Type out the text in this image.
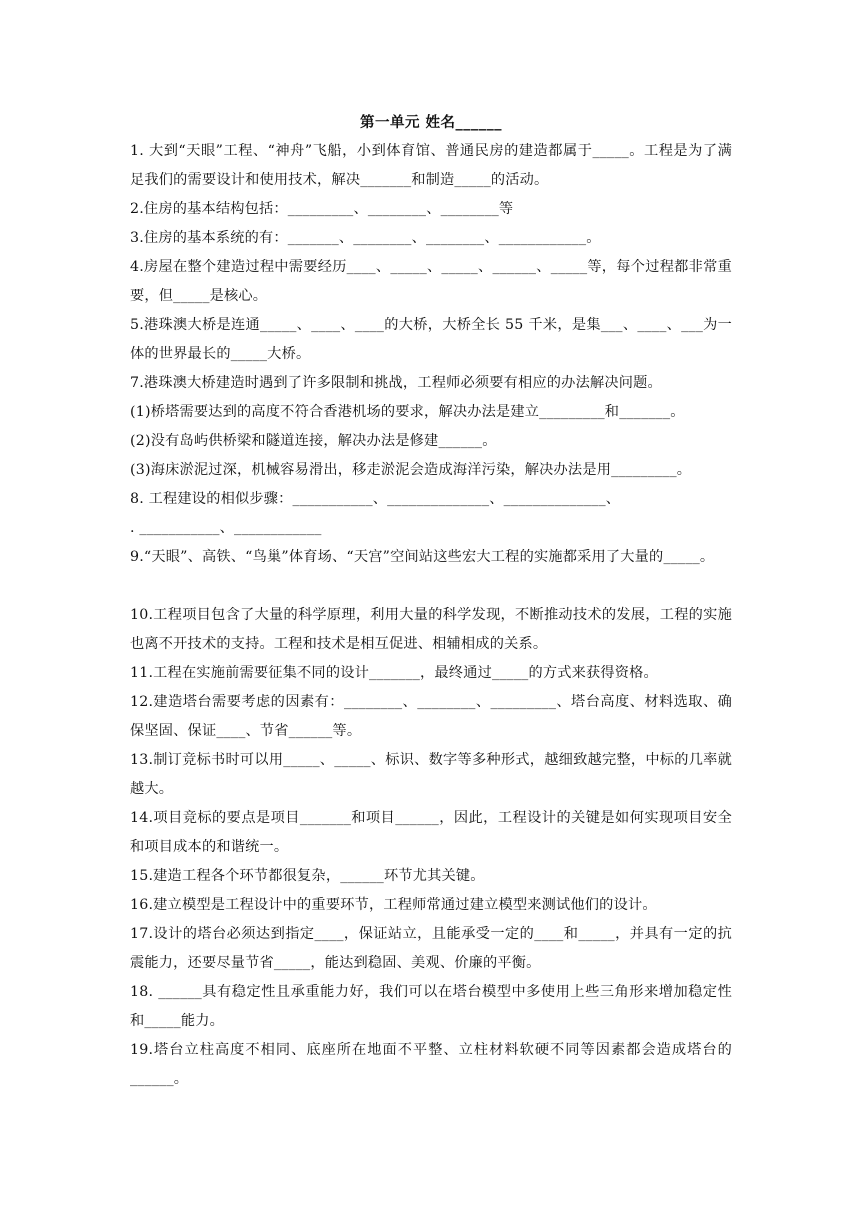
第一单元 姓名______

1. 大到“天眼”工程、“神舟”飞船，小到体育馆、普通民房的建造都属于_____。工程是为了满足我们的需要设计和使用技术，解决_______和制造_____的活动。

2.住房的基本结构包括：_________、________、________等

3.住房的基本系统的有：_______、________、________、____________。

4.房屋在整个建造过程中需要经历____、_____、_____、______、_____等，每个过程都非常重要，但_____是核心。

5.港珠澳大桥是连通_____、____、____的大桥，大桥全长 55 千米，是集___、____、___为一体的世界最长的_____大桥。

7.港珠澳大桥建造时遇到了许多限制和挑战，工程师必须要有相应的办法解决问题。

(1)桥塔需要达到的高度不符合香港机场的要求，解决办法是建立_________和_______。

(2)没有岛屿供桥梁和隧道连接，解决办法是修建______。

(3)海床淤泥过深，机械容易滑出，移走淤泥会造成海洋污染，解决办法是用_________。

8. 工程建设的相似步骤：___________、______________、______________、

. ___________、____________

9.“天眼”、高铁、“鸟巢”体育场、“天宫”空间站这些宏大工程的实施都采用了大量的_____。

10.工程项目包含了大量的科学原理，利用大量的科学发现，不断推动技术的发展，工程的实施也离不开技术的支持。工程和技术是相互促进、相辅相成的关系。

11.工程在实施前需要征集不同的设计_______，最终通过_____的方式来获得资格。

12.建造塔台需要考虑的因素有：________、________、_________、塔台高度、材料选取、确保坚固、保证____、节省______等。

13.制订竞标书时可以用_____、_____、标识、数字等多种形式，越细致越完整，中标的几率就越大。

14.项目竞标的要点是项目_______和项目______，因此，工程设计的关键是如何实现项目安全和项目成本的和谐统一。

15.建造工程各个环节都很复杂，______环节尤其关键。

16.建立模型是工程设计中的重要环节，工程师常通过建立模型来测试他们的设计。

17.设计的塔台必须达到指定____，保证站立，且能承受一定的____和_____，并具有一定的抗震能力，还要尽量节省_____，能达到稳固、美观、价廉的平衡。

18. ______具有稳定性且承重能力好，我们可以在塔台模型中多使用上些三角形来增加稳定性和_____能力。

19.塔台立柱高度不相同、底座所在地面不平整、立柱材料软硬不同等因素都会造成塔台的______。
